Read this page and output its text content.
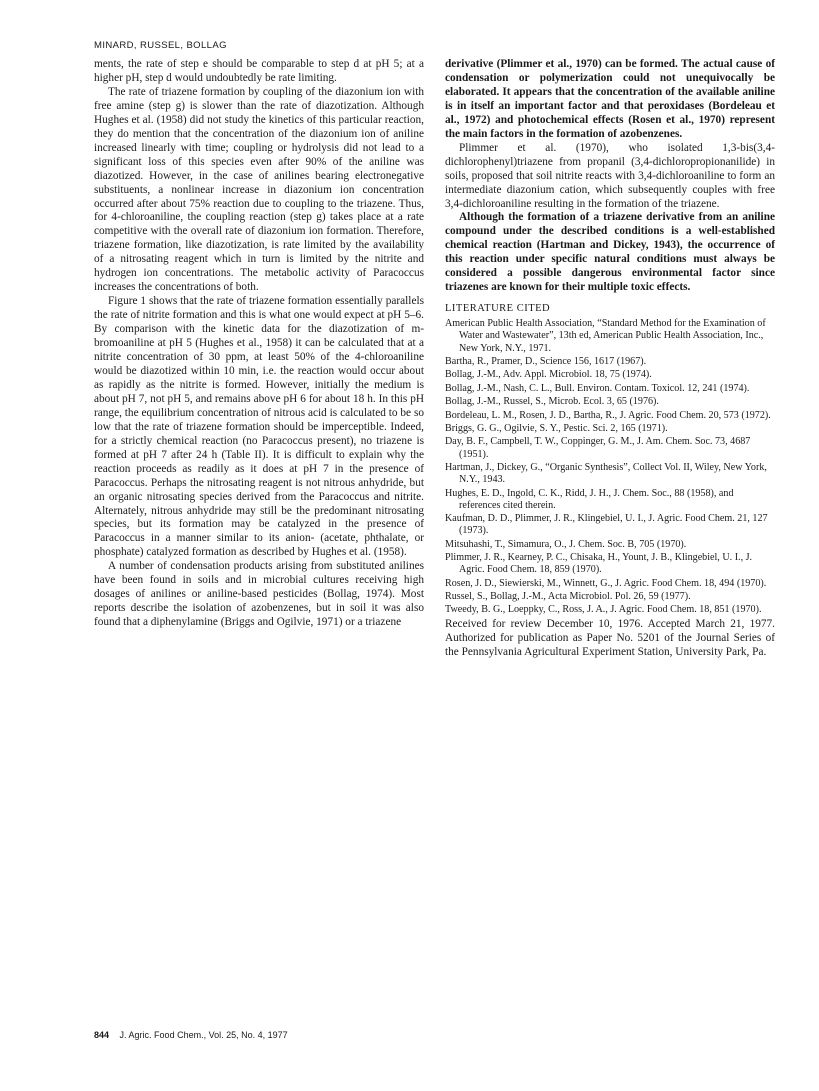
MINARD, RUSSEL, BOLLAG

ments, the rate of step e should be comparable to step d at pH 5; at a higher pH, step d would undoubtedly be rate limiting.

The rate of triazene formation by coupling of the diazonium ion with free amine (step g) is slower than the rate of diazotization. Although Hughes et al. (1958) did not study the kinetics of this particular reaction, they do mention that the concentration of the diazonium ion of aniline increased linearly with time; coupling or hydrolysis did not lead to a significant loss of this species even after 90% of the aniline was diazotized. However, in the case of anilines bearing electronegative substituents, a nonlinear increase in diazonium ion concentration occurred after about 75% reaction due to coupling to the triazene. Thus, for 4-chloroaniline, the coupling reaction (step g) takes place at a rate competitive with the overall rate of diazonium ion formation. Therefore, triazene formation, like diazotization, is rate limited by the availability of a nitrosating reagent which in turn is limited by the nitrite and hydrogen ion concentrations. The metabolic activity of Paracoccus increases the concentrations of both.

Figure 1 shows that the rate of triazene formation essentially parallels the rate of nitrite formation and this is what one would expect at pH 5–6. By comparison with the kinetic data for the diazotization of m-bromoaniline at pH 5 (Hughes et al., 1958) it can be calculated that at a nitrite concentration of 30 ppm, at least 50% of the 4-chloroaniline would be diazotized within 10 min, i.e. the reaction would occur about as rapidly as the nitrite is formed. However, initially the medium is about pH 7, not pH 5, and remains above pH 6 for about 18 h. In this pH range, the equilibrium concentration of nitrous acid is calculated to be so low that the rate of triazene formation should be imperceptible. Indeed, for a strictly chemical reaction (no Paracoccus present), no triazene is formed at pH 7 after 24 h (Table II). It is difficult to explain why the reaction proceeds as readily as it does at pH 7 in the presence of Paracoccus. Perhaps the nitrosating reagent is not nitrous anhydride, but an organic nitrosating species derived from the Paracoccus and nitrite. Alternately, nitrous anhydride may still be the predominant nitrosating species, but its formation may be catalyzed in the presence of Paracoccus in a manner similar to its anion- (acetate, phthalate, or phosphate) catalyzed formation as described by Hughes et al. (1958).

A number of condensation products arising from substituted anilines have been found in soils and in microbial cultures receiving high dosages of anilines or aniline-based pesticides (Bollag, 1974). Most reports describe the isolation of azobenzenes, but in soil it was also found that a diphenylamine (Briggs and Ogilvie, 1971) or a triazene

derivative (Plimmer et al., 1970) can be formed. The actual cause of condensation or polymerization could not unequivocally be elaborated. It appears that the concentration of the available aniline is in itself an important factor and that peroxidases (Bordeleau et al., 1972) and photochemical effects (Rosen et al., 1970) represent the main factors in the formation of azobenzenes.

Plimmer et al. (1970), who isolated 1,3-bis(3,4-dichlorophenyl)triazene from propanil (3,4-dichloropropionanilide) in soils, proposed that soil nitrite reacts with 3,4-dichloroaniline to form an intermediate diazonium cation, which subsequently couples with free 3,4-dichloroaniline resulting in the formation of the triazene.

Although the formation of a triazene derivative from an aniline compound under the described conditions is a well-established chemical reaction (Hartman and Dickey, 1943), the occurrence of this reaction under specific natural conditions must always be considered a possible dangerous environmental factor since triazenes are known for their multiple toxic effects.

LITERATURE CITED
American Public Health Association, “Standard Method for the Examination of Water and Wastewater”, 13th ed, American Public Health Association, Inc., New York, N.Y., 1971.
Bartha, R., Pramer, D., Science 156, 1617 (1967).
Bollag, J.-M., Adv. Appl. Microbiol. 18, 75 (1974).
Bollag, J.-M., Nash, C. L., Bull. Environ. Contam. Toxicol. 12, 241 (1974).
Bollag, J.-M., Russel, S., Microb. Ecol. 3, 65 (1976).
Bordeleau, L. M., Rosen, J. D., Bartha, R., J. Agric. Food Chem. 20, 573 (1972).
Briggs, G. G., Ogilvie, S. Y., Pestic. Sci. 2, 165 (1971).
Day, B. F., Campbell, T. W., Coppinger, G. M., J. Am. Chem. Soc. 73, 4687 (1951).
Hartman, J., Dickey, G., “Organic Synthesis”, Collect Vol. II, Wiley, New York, N.Y., 1943.
Hughes, E. D., Ingold, C. K., Ridd, J. H., J. Chem. Soc., 88 (1958), and references cited therein.
Kaufman, D. D., Plimmer, J. R., Klingebiel, U. I., J. Agric. Food Chem. 21, 127 (1973).
Mitsuhashi, T., Simamura, O., J. Chem. Soc. B, 705 (1970).
Plimmer, J. R., Kearney, P. C., Chisaka, H., Yount, J. B., Klingebiel, U. I., J. Agric. Food Chem. 18, 859 (1970).
Rosen, J. D., Siewierski, M., Winnett, G., J. Agric. Food Chem. 18, 494 (1970).
Russel, S., Bollag, J.-M., Acta Microbiol. Pol. 26, 59 (1977).
Tweedy, B. G., Loeppky, C., Ross, J. A., J. Agric. Food Chem. 18, 851 (1970).

Received for review December 10, 1976. Accepted March 21, 1977. Authorized for publication as Paper No. 5201 of the Journal Series of the Pennsylvania Agricultural Experiment Station, University Park, Pa.

844 J. Agric. Food Chem., Vol. 25, No. 4, 1977
